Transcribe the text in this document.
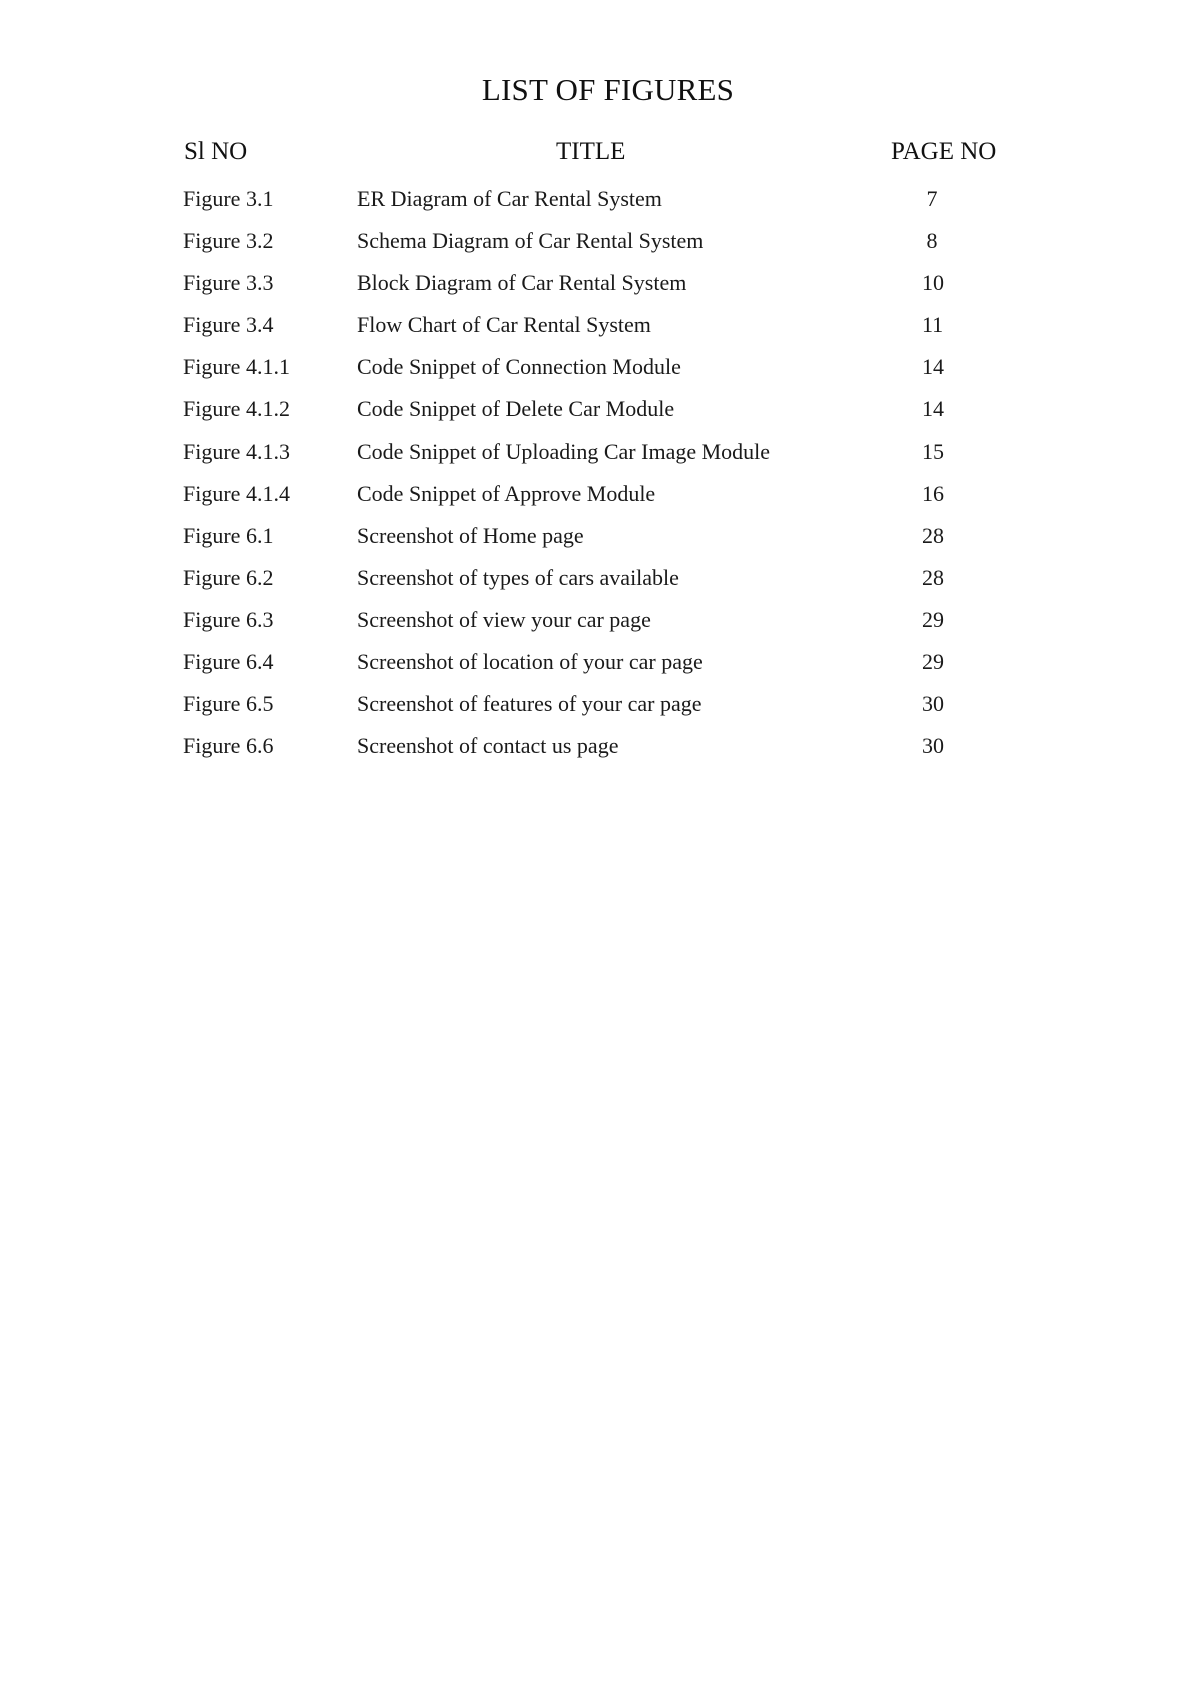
LIST OF FIGURES
Sl NO	TITLE	PAGE NO
Figure 3.1	ER Diagram of Car Rental System	7
Figure 3.2	Schema Diagram of Car Rental System	8
Figure 3.3	Block Diagram of Car Rental System	10
Figure 3.4	Flow Chart of Car Rental System	11
Figure 4.1.1	Code Snippet of Connection Module	14
Figure 4.1.2	Code Snippet of Delete Car Module	14
Figure 4.1.3	Code Snippet of Uploading Car Image Module	15
Figure 4.1.4	Code Snippet of Approve Module	16
Figure 6.1	Screenshot of Home page	28
Figure 6.2	Screenshot of types of cars available	28
Figure 6.3	Screenshot of view your car page	29
Figure 6.4	Screenshot of location of your car page	29
Figure 6.5	Screenshot of features of your car page	30
Figure 6.6	Screenshot of contact us page	30
